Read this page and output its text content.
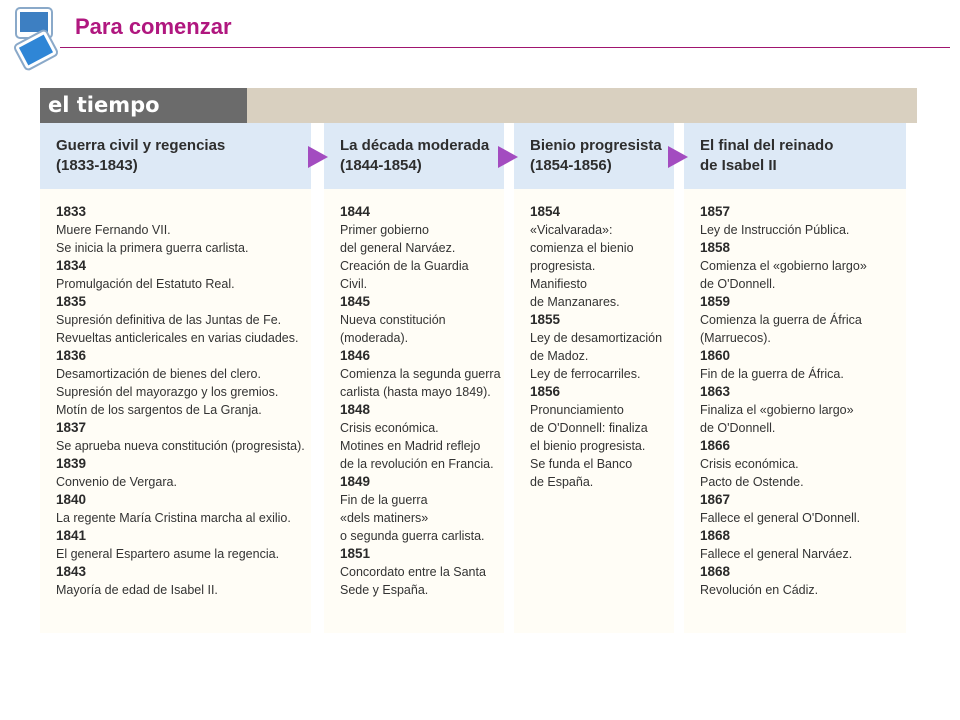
Para comenzar
el tiempo
Guerra civil y regencias
(1833-1843)
1833
Muere Fernando VII.
Se inicia la primera guerra carlista.
1834
Promulgación del Estatuto Real.
1835
Supresión definitiva de las Juntas de Fe.
Revueltas anticlericales en varias ciudades.
1836
Desamortización de bienes del clero.
Supresión del mayorazgo y los gremios.
Motín de los sargentos de La Granja.
1837
Se aprueba nueva constitución (progresista).
1839
Convenio de Vergara.
1840
La regente María Cristina marcha al exilio.
1841
El general Espartero asume la regencia.
1843
Mayoría de edad de Isabel II.
La década moderada
(1844-1854)
1844
Primer gobierno
del general Narváez.
Creación de la Guardia
Civil.
1845
Nueva constitución
(moderada).
1846
Comienza la segunda guerra
carlista (hasta mayo 1849).
1848
Crisis económica.
Motines en Madrid reflejo
de la revolución en Francia.
1849
Fin de la guerra
«dels matiners»
o segunda guerra carlista.
1851
Concordato entre la Santa
Sede y España.
Bienio progresista
(1854-1856)
1854
«Vicalvarada»:
comienza el bienio
progresista.
Manifiesto
de Manzanares.
1855
Ley de desamortización
de Madoz.
Ley de ferrocarriles.
1856
Pronunciamiento
de O'Donnell: finaliza
el bienio progresista.
Se funda el Banco
de España.
El final del reinado
de Isabel II
1857
Ley de Instrucción Pública.
1858
Comienza el «gobierno largo»
de O'Donnell.
1859
Comienza la guerra de África
(Marruecos).
1860
Fin de la guerra de África.
1863
Finaliza el «gobierno largo»
de O'Donnell.
1866
Crisis económica.
Pacto de Ostende.
1867
Fallece el general O'Donnell.
1868
Fallece el general Narváez.
1868
Revolución en Cádiz.
